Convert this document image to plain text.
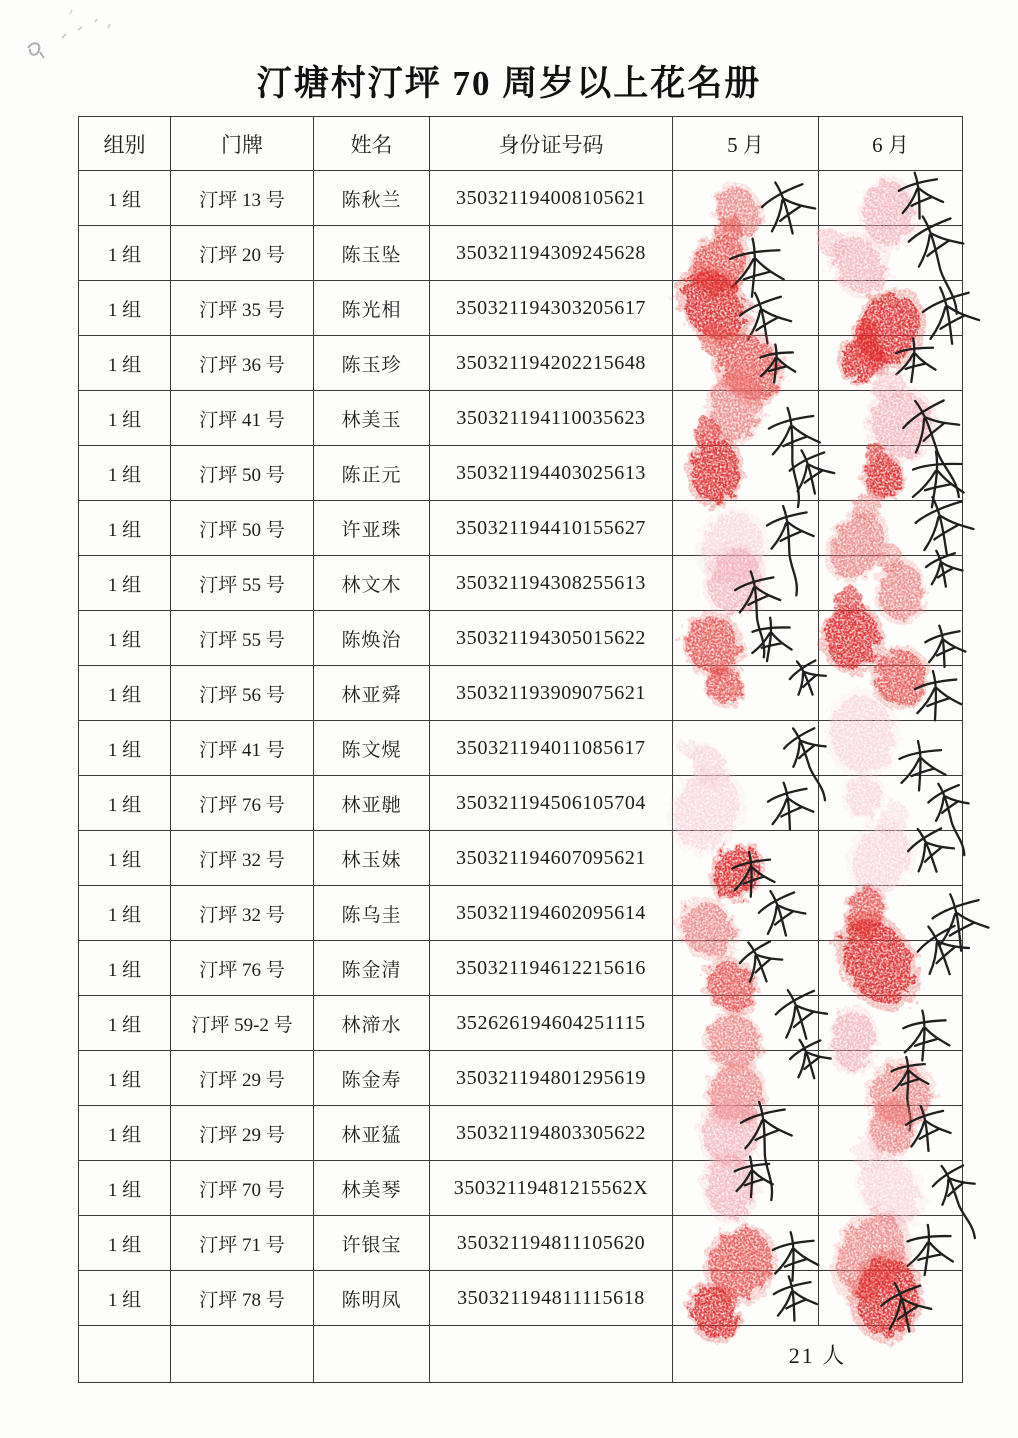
汀塘村汀坪 70 周岁以上花名册
组别	门牌	姓名	身份证号码	5 月	6 月
1 组	汀坪 13 号	陈秋兰	350321194008105621		
1 组	汀坪 20 号	陈玉坠	350321194309245628		
1 组	汀坪 35 号	陈光相	350321194303205617		
1 组	汀坪 36 号	陈玉珍	350321194202215648		
1 组	汀坪 41 号	林美玉	350321194110035623		
1 组	汀坪 50 号	陈正元	350321194403025613		
1 组	汀坪 50 号	许亚珠	350321194410155627		
1 组	汀坪 55 号	林文木	350321194308255613		
1 组	汀坪 55 号	陈焕治	350321194305015622		
1 组	汀坪 56 号	林亚舜	350321193909075621		
1 组	汀坪 41 号	陈文熀	350321194011085617		
1 组	汀坪 76 号	林亚毑	350321194506105704		
1 组	汀坪 32 号	林玉妹	350321194607095621		
1 组	汀坪 32 号	陈乌圭	350321194602095614		
1 组	汀坪 76 号	陈金清	350321194612215616		
1 组	汀坪 59-2 号	林渧水	352626194604251115		
1 组	汀坪 29 号	陈金寿	350321194801295619		
1 组	汀坪 29 号	林亚猛	350321194803305622		
1 组	汀坪 70 号	林美琴	35032119481215562X		
1 组	汀坪 71 号	许银宝	350321194811105620		
1 组	汀坪 78 号	陈明凤	350321194811115618		
				21 人	
